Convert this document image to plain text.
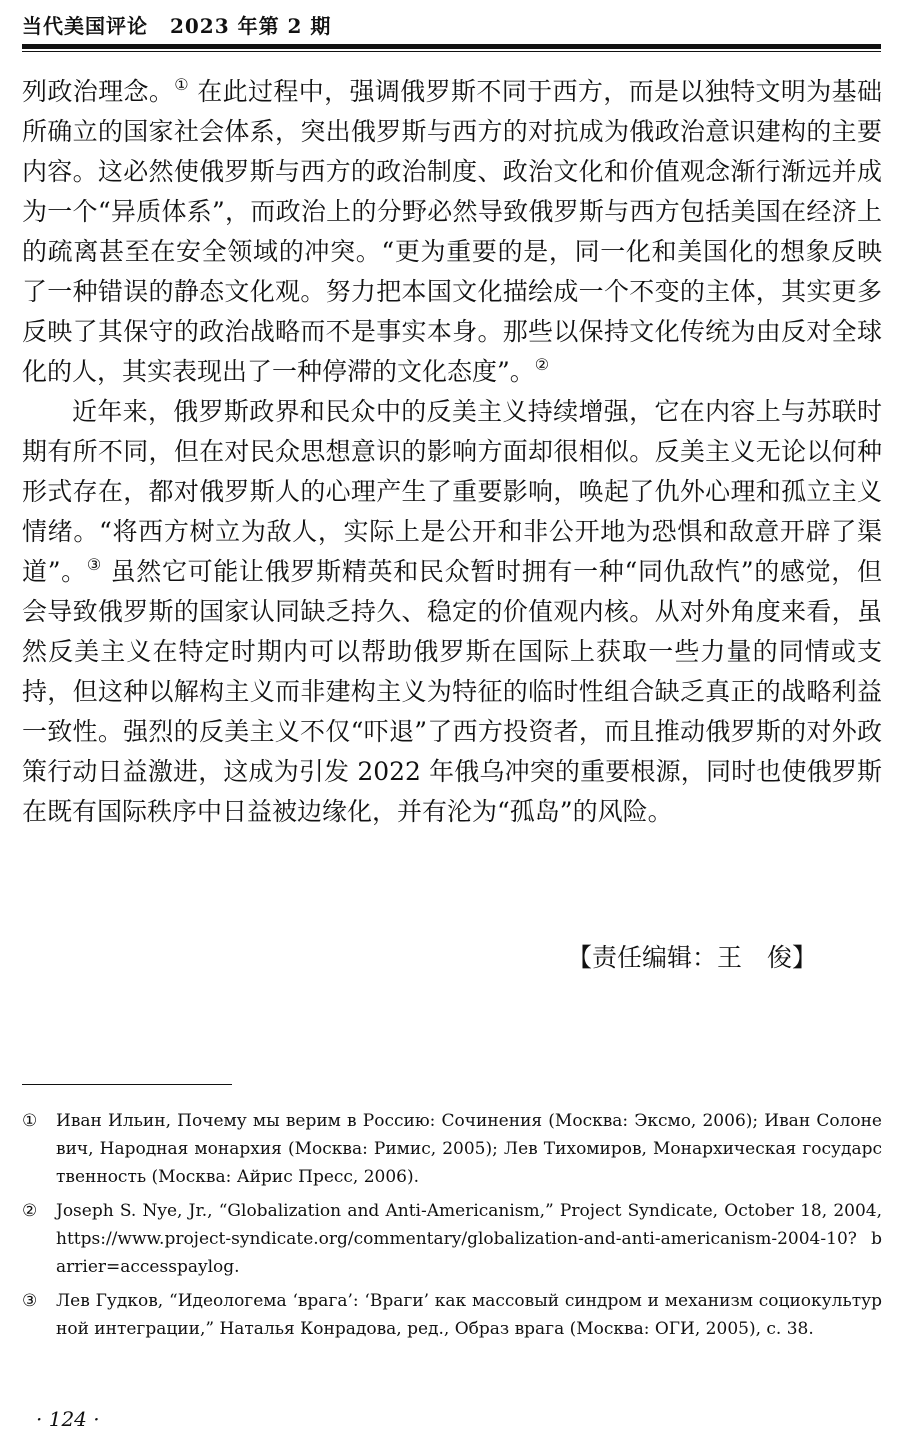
当代美国评论 2023 年第 2 期

列政治理念。① 在此过程中，强调俄罗斯不同于西方，而是以独特文明为基础所确立的国家社会体系，突出俄罗斯与西方的对抗成为俄政治意识建构的主要内容。这必然使俄罗斯与西方的政治制度、政治文化和价值观念渐行渐远并成为一个“异质体系”，而政治上的分野必然导致俄罗斯与西方包括美国在经济上的疏离甚至在安全领域的冲突。“更为重要的是，同一化和美国化的想象反映了一种错误的静态文化观。努力把本国文化描绘成一个不变的主体，其实更多反映了其保守的政治战略而不是事实本身。那些以保持文化传统为由反对全球化的人，其实表现出了一种停滞的文化态度”。②

近年来，俄罗斯政界和民众中的反美主义持续增强，它在内容上与苏联时期有所不同，但在对民众思想意识的影响方面却很相似。反美主义无论以何种形式存在，都对俄罗斯人的心理产生了重要影响，唤起了仇外心理和孤立主义情绪。“将西方树立为敌人，实际上是公开和非公开地为恐惧和敌意开辟了渠道”。③ 虽然它可能让俄罗斯精英和民众暂时拥有一种“同仇敌忾”的感觉，但会导致俄罗斯的国家认同缺乏持久、稳定的价值观内核。从对外角度来看，虽然反美主义在特定时期内可以帮助俄罗斯在国际上获取一些力量的同情或支持，但这种以解构主义而非建构主义为特征的临时性组合缺乏真正的战略利益一致性。强烈的反美主义不仅“吓退”了西方投资者，而且推动俄罗斯的对外政策行动日益激进，这成为引发 2022 年俄乌冲突的重要根源，同时也使俄罗斯在既有国际秩序中日益被边缘化，并有沦为“孤岛”的风险。

【责任编辑：王　俊】
①	Иван Ильин, Почему мы верим в Россию: Сочинения (Москва: Эксмо, 2006); Иван Солоневич, Народная монархия (Москва: Римис, 2005); Лев Тихомиров, Монархическая государственность (Москва: Айрис Пресс, 2006).
②	Joseph S. Nye, Jr., “Globalization and Anti-Americanism,” Project Syndicate, October 18, 2004, https://www.project-syndicate.org/commentary/globalization-and-anti-americanism-2004-10? barrier=accesspaylog.
③	Лев Гудков, “Идеологема ‘врага’: ‘Враги’ как массовый синдром и механизм социокультурной интеграции,” Наталья Конрадова, ред., Образ врага (Москва: ОГИ, 2005), с. 38.
· 124 ·
